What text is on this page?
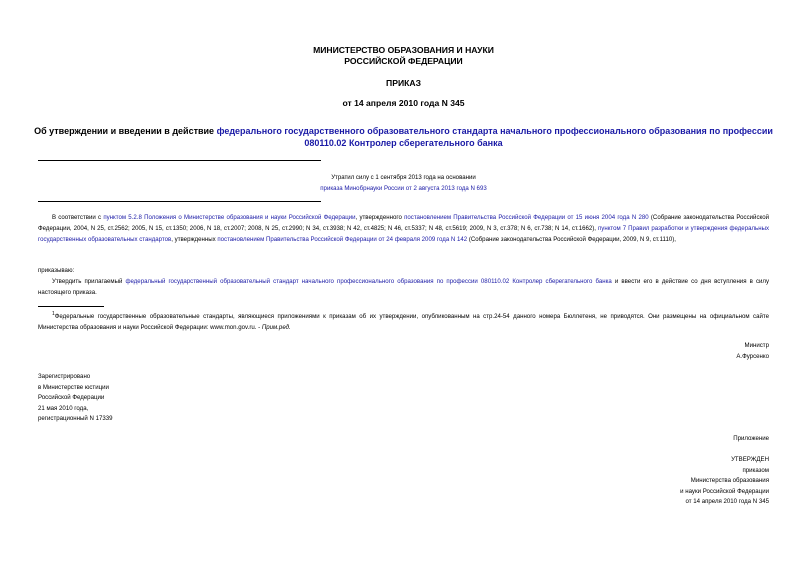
МИНИСТЕРСТВО ОБРАЗОВАНИЯ И НАУКИ
РОССИЙСКОЙ ФЕДЕРАЦИИ
ПРИКАЗ
от 14 апреля 2010 года N 345
Об утверждении и введении в действие федерального государственного образовательного стандарта начального профессионального образования по профессии 080110.02 Контролер сберегательного банка
Утратил силу с 1 сентября 2013 года на основании
приказа Минобрнауки России от 2 августа 2013 года N 693
В соответствии с пунктом 5.2.8 Положения о Министерстве образования и науки Российской Федерации, утвержденного постановлением Правительства Российской Федерации от 15 июня 2004 года N 280 (Собрание законодательства Российской Федерации, 2004, N 25, ст.2562; 2005, N 15, ст.1350; 2006, N 18, ст.2007; 2008, N 25, ст.2990; N 34, ст.3938; N 42, ст.4825; N 46, ст.5337; N 48, ст.5619; 2009, N 3, ст.378; N 6, ст.738; N 14, ст.1662), пунктом 7 Правил разработки и утверждения федеральных государственных образовательных стандартов, утвержденных постановлением Правительства Российской Федерации от 24 февраля 2009 года N 142 (Собрание законодательства Российской Федерации, 2009, N 9, ст.1110),
приказываю:
Утвердить прилагаемый федеральный государственный образовательный стандарт начального профессионального образования по профессии 080110.02 Контролер сберегательного банка и ввести его в действие со дня вступления в силу настоящего приказа.
$^1$Федеральные государственные образовательные стандарты, являющиеся приложениями к приказам об их утверждении, опубликованным на стр.24-54 данного номера Бюллетеня, не приводятся. Они размещены на официальном сайте Министерства образования и науки Российской Федерации: www.mon.gov.ru. - Прим.ред.
Министр
А.Фурсенко
Зарегистрировано
в Министерстве юстиции
Российской Федерации
21 мая 2010 года,
регистрационный N 17339
Приложение
УТВЕРЖДЕН
приказом
Министерства образования
и науки Российской Федерации
от 14 апреля 2010 года N 345
